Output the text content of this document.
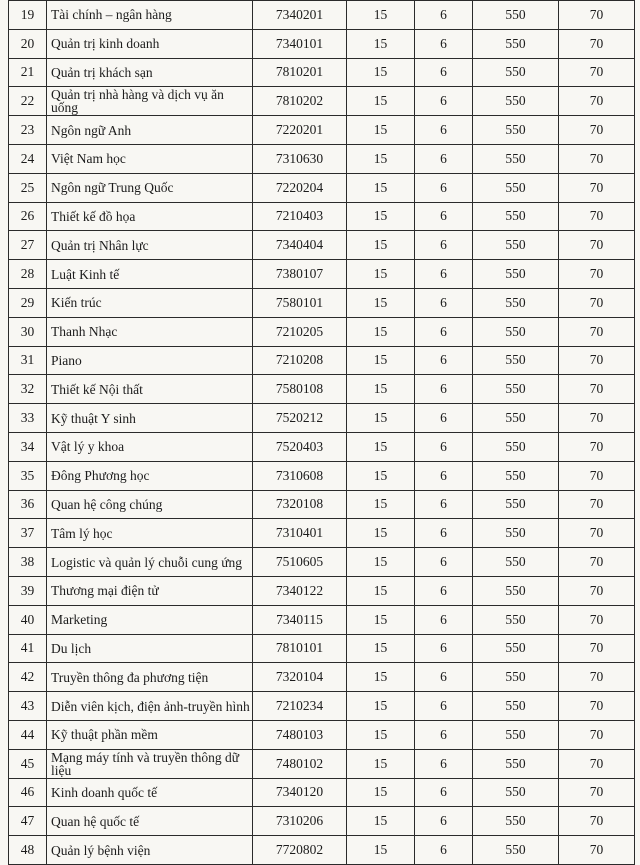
19	Tài chính – ngân hàng	7340201	15	6	550	70
20	Quản trị kinh doanh	7340101	15	6	550	70
21	Quản trị khách sạn	7810201	15	6	550	70
22	Quản trị nhà hàng và dịch vụ ăn uống	7810202	15	6	550	70
23	Ngôn ngữ Anh	7220201	15	6	550	70
24	Việt Nam học	7310630	15	6	550	70
25	Ngôn ngữ Trung Quốc	7220204	15	6	550	70
26	Thiết kế đồ họa	7210403	15	6	550	70
27	Quản trị Nhân lực	7340404	15	6	550	70
28	Luật Kinh tế	7380107	15	6	550	70
29	Kiến trúc	7580101	15	6	550	70
30	Thanh Nhạc	7210205	15	6	550	70
31	Piano	7210208	15	6	550	70
32	Thiết kế Nội thất	7580108	15	6	550	70
33	Kỹ thuật Y sinh	7520212	15	6	550	70
34	Vật lý y khoa	7520403	15	6	550	70
35	Đông Phương học	7310608	15	6	550	70
36	Quan hệ công chúng	7320108	15	6	550	70
37	Tâm lý học	7310401	15	6	550	70
38	Logistic và quản lý chuỗi cung ứng	7510605	15	6	550	70
39	Thương mại điện tử	7340122	15	6	550	70
40	Marketing	7340115	15	6	550	70
41	Du lịch	7810101	15	6	550	70
42	Truyền thông đa phương tiện	7320104	15	6	550	70
43	Diễn viên kịch, điện ảnh-truyền hình	7210234	15	6	550	70
44	Kỹ thuật phần mềm	7480103	15	6	550	70
45	Mạng máy tính và truyền thông dữ liệu	7480102	15	6	550	70
46	Kinh doanh quốc tế	7340120	15	6	550	70
47	Quan hệ quốc tế	7310206	15	6	550	70
48	Quản lý bệnh viện	7720802	15	6	550	70
